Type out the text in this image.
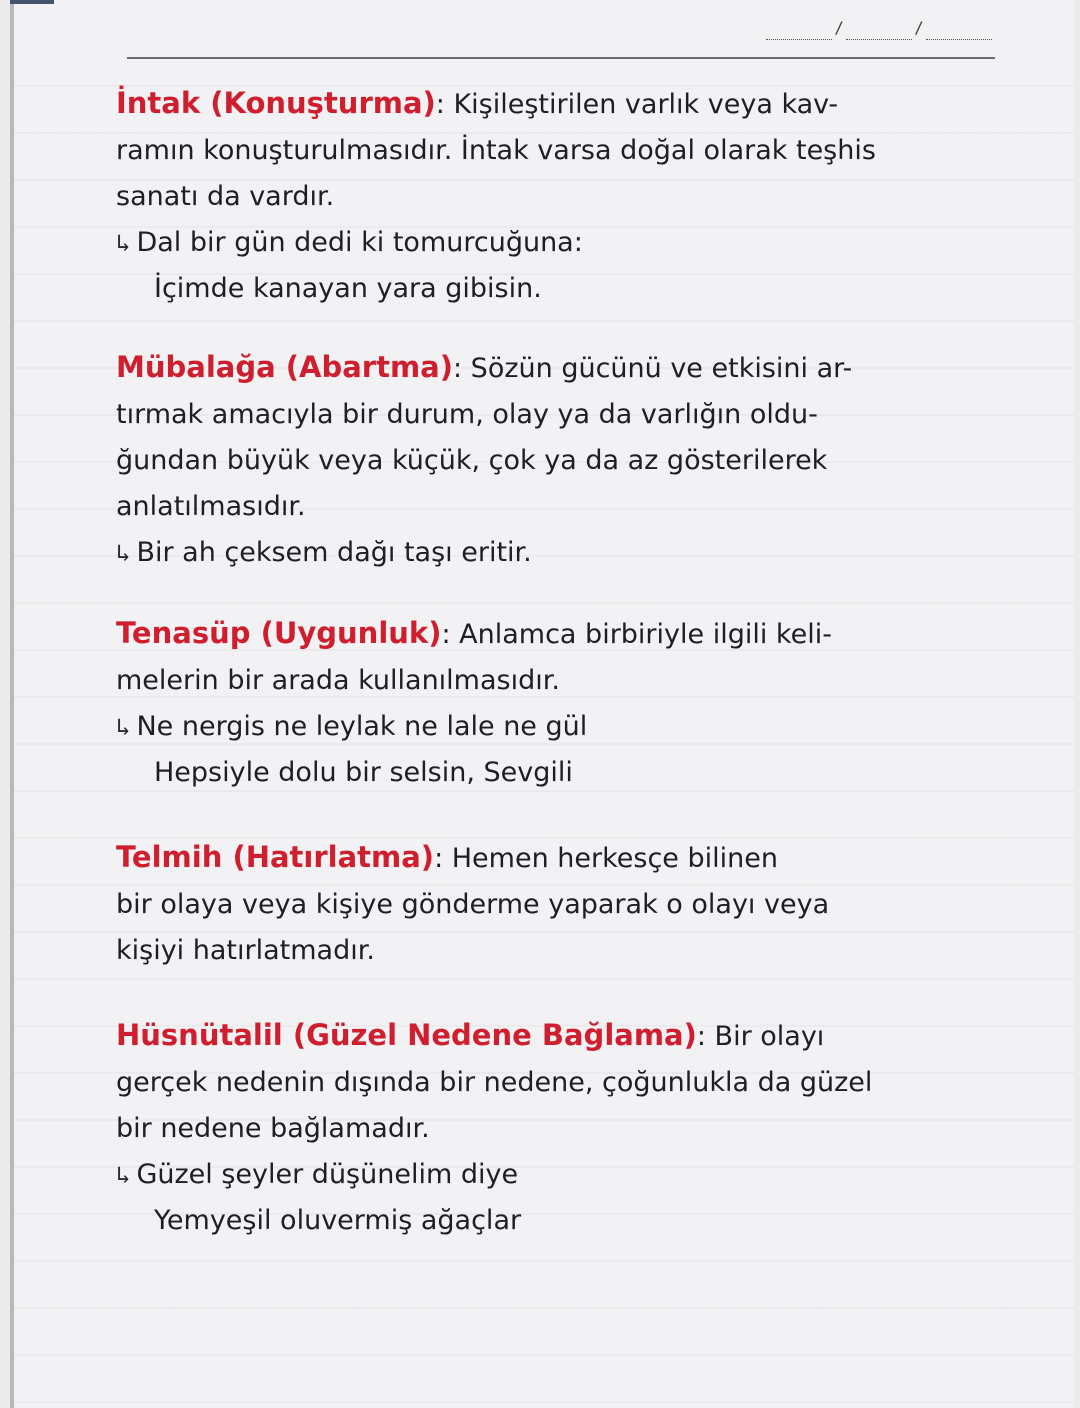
/	/
İntak (Konuşturma): Kişileştirilen varlık veya kav-
ramın konuşturulmasıdır. İntak varsa doğal olarak teşhis
sanatı da vardır.
↳ Dal bir gün dedi ki tomurcuğuna:
İçimde kanayan yara gibisin.
Mübalağa (Abartma): Sözün gücünü ve etkisini ar-
tırmak amacıyla bir durum, olay ya da varlığın oldu-
ğundan büyük veya küçük, çok ya da az gösterilerek
anlatılmasıdır.
↳ Bir ah çeksem dağı taşı eritir.
Tenasüp (Uygunluk): Anlamca birbiriyle ilgili keli-
melerin bir arada kullanılmasıdır.
↳ Ne nergis ne leylak ne lale ne gül
Hepsiyle dolu bir selsin, Sevgili
Telmih (Hatırlatma): Hemen herkesçe bilinen
bir olaya veya kişiye gönderme yaparak o olayı veya
kişiyi hatırlatmadır.
Hüsnütalil (Güzel Nedene Bağlama): Bir olayı
gerçek nedenin dışında bir nedene, çoğunlukla da güzel
bir nedene bağlamadır.
↳ Güzel şeyler düşünelim diye
Yemyeşil oluvermiş ağaçlar
